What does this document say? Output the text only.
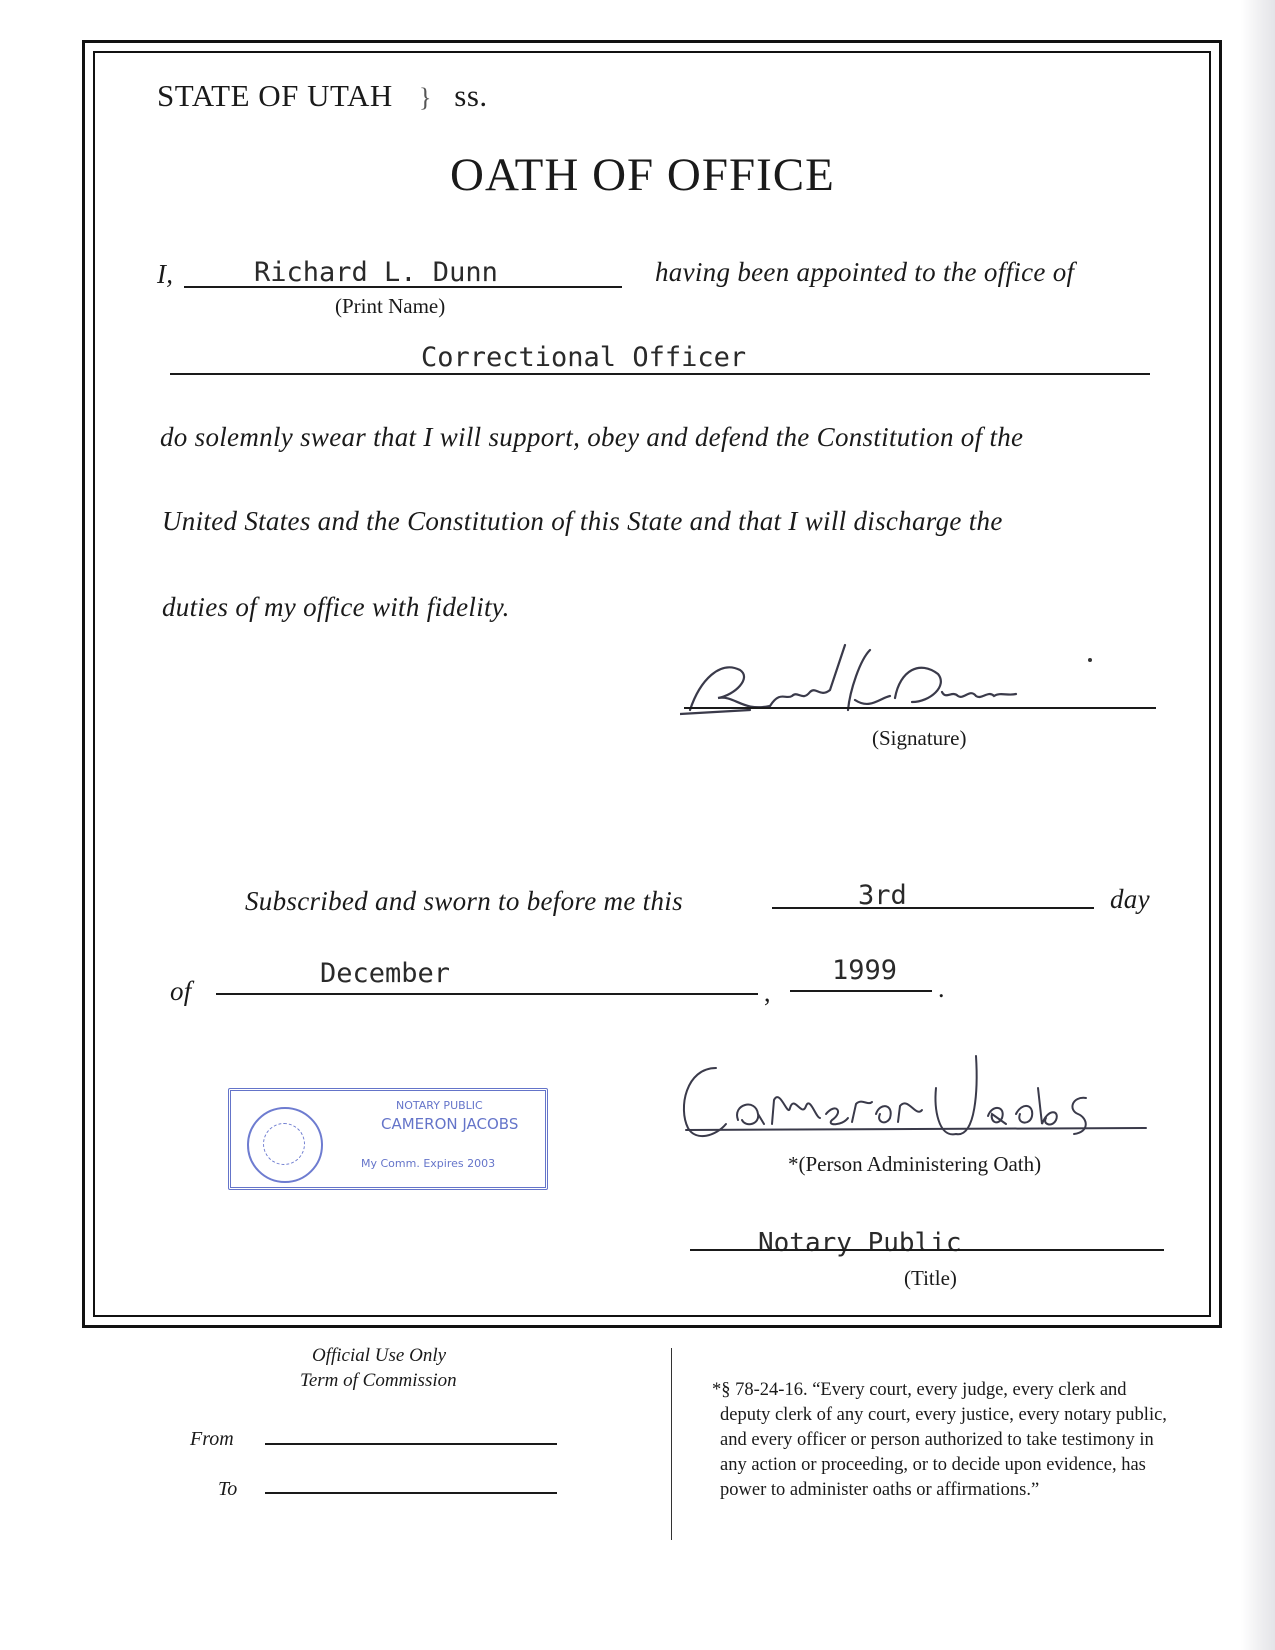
STATE OF UTAH } ss.
OATH OF OFFICE
I,	Richard L. Dunn
(Print Name)
having been appointed to the office of
Correctional Officer
do solemnly swear that I will support, obey and defend the Constitution of the
United States and the Constitution of this State and that I will discharge the
duties of my office with fidelity.
(Signature)
Subscribed and sworn to before me this	3rd	day
of
December
,
1999
.
NOTARY PUBLIC
CAMERON JACOBS
My Comm. Expires 2003	*(Person Administering Oath)
Notary Public
(Title)
Official Use Only
Term of Commission
From
To
*§ 78-24-16. “Every court, every judge, every clerk and
deputy clerk of any court, every justice, every notary public,
and every officer or person authorized to take testimony in
any action or proceeding, or to decide upon evidence, has
power to administer oaths or affirmations.”
